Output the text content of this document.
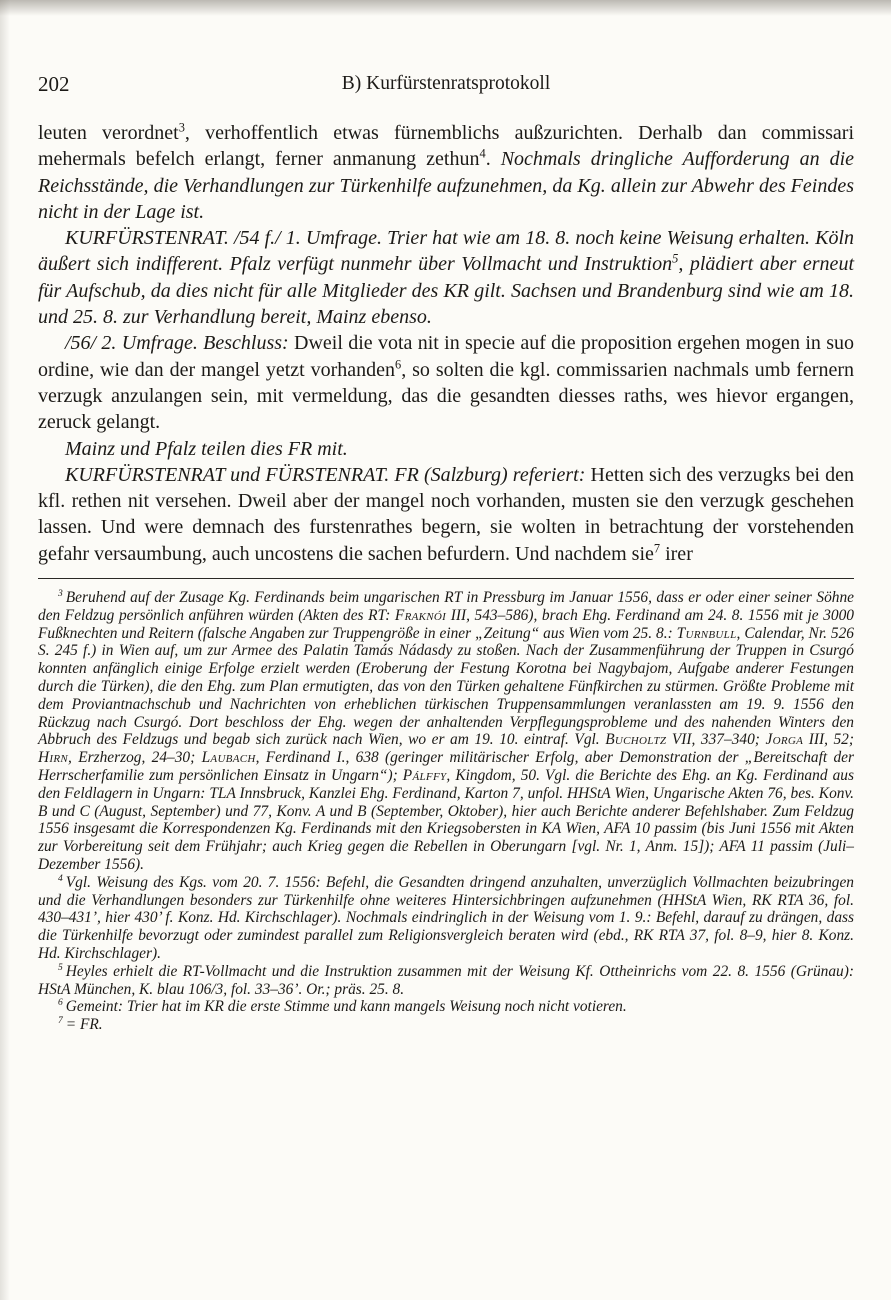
202	B) Kurfürstenratsprotokoll

leuten verordnet$^3$, verhoffentlich etwas fürnemblichs außzurichten. Derhalb dan commissari mehermals befelch erlangt, ferner anmanung zethun$^4$. Nochmals dringliche Aufforderung an die Reichsstände, die Verhandlungen zur Türkenhilfe aufzunehmen, da Kg. allein zur Abwehr des Feindes nicht in der Lage ist.

KURFÜRSTENRAT. /54 f./ 1. Umfrage. Trier hat wie am 18. 8. noch keine Weisung erhalten. Köln äußert sich indifferent. Pfalz verfügt nunmehr über Vollmacht und Instruktion$^5$, plädiert aber erneut für Aufschub, da dies nicht für alle Mitglieder des KR gilt. Sachsen und Brandenburg sind wie am 18. und 25. 8. zur Verhandlung bereit, Mainz ebenso.

/56/ 2. Umfrage. Beschluss: Dweil die vota nit in specie auf die proposition ergehen mogen in suo ordine, wie dan der mangel yetzt vorhanden$^6$, so solten die kgl. commissarien nachmals umb fernern verzugk anzulangen sein, mit vermeldung, das die gesandten diesses raths, wes hievor ergangen, zeruck gelangt.

Mainz und Pfalz teilen dies FR mit.

KURFÜRSTENRAT und FÜRSTENRAT. FR (Salzburg) referiert: Hetten sich des verzugks bei den kfl. rethen nit versehen. Dweil aber der mangel noch vorhanden, musten sie den verzugk geschehen lassen. Und were demnach des furstenrathes begern, sie wolten in betrachtung der vorstehenden gefahr versaumbung, auch uncostens die sachen befurdern. Und nachdem sie$^7$ irer

$^3$ Beruhend auf der Zusage Kg. Ferdinands beim ungarischen RT in Pressburg im Januar 1556, dass er oder einer seiner Söhne den Feldzug persönlich anführen würden (Akten des RT: Fraknói III, 543–586), brach Ehg. Ferdinand am 24. 8. 1556 mit je 3000 Fußknechten und Reitern (falsche Angaben zur Truppengröße in einer „Zeitung“ aus Wien vom 25. 8.: Turnbull, Calendar, Nr. 526 S. 245 f.) in Wien auf, um zur Armee des Palatin Tamás Nádasdy zu stoßen. Nach der Zusammenführung der Truppen in Csurgó konnten anfänglich einige Erfolge erzielt werden (Eroberung der Festung Korotna bei Nagybajom, Aufgabe anderer Festungen durch die Türken), die den Ehg. zum Plan ermutigten, das von den Türken gehaltene Fünfkirchen zu stürmen. Größte Probleme mit dem Proviantnachschub und Nachrichten von erheblichen türkischen Truppensammlungen veranlassten am 19. 9. 1556 den Rückzug nach Csurgó. Dort beschloss der Ehg. wegen der anhaltenden Verpflegungsprobleme und des nahenden Winters den Abbruch des Feldzugs und begab sich zurück nach Wien, wo er am 19. 10. eintraf. Vgl. Bucholtz VII, 337–340; Jorga III, 52; Hirn, Erzherzog, 24–30; Laubach, Ferdinand I., 638 (geringer militärischer Erfolg, aber Demonstration der „Bereitschaft der Herrscherfamilie zum persönlichen Einsatz in Ungarn“); Pálffy, Kingdom, 50. Vgl. die Berichte des Ehg. an Kg. Ferdinand aus den Feldlagern in Ungarn: TLA Innsbruck, Kanzlei Ehg. Ferdinand, Karton 7, unfol. HHStA Wien, Ungarische Akten 76, bes. Konv. B und C (August, September) und 77, Konv. A und B (September, Oktober), hier auch Berichte anderer Befehlshaber. Zum Feldzug 1556 insgesamt die Korrespondenzen Kg. Ferdinands mit den Kriegsobersten in KA Wien, AFA 10 passim (bis Juni 1556 mit Akten zur Vorbereitung seit dem Frühjahr; auch Krieg gegen die Rebellen in Oberungarn [vgl. Nr. 1, Anm. 15]); AFA 11 passim (Juli–Dezember 1556).

$^4$ Vgl. Weisung des Kgs. vom 20. 7. 1556: Befehl, die Gesandten dringend anzuhalten, unverzüglich Vollmachten beizubringen und die Verhandlungen besonders zur Türkenhilfe ohne weiteres Hintersichbringen aufzunehmen (HHStA Wien, RK RTA 36, fol. 430–431’, hier 430’ f. Konz. Hd. Kirchschlager). Nochmals eindringlich in der Weisung vom 1. 9.: Befehl, darauf zu drängen, dass die Türkenhilfe bevorzugt oder zumindest parallel zum Religionsvergleich beraten wird (ebd., RK RTA 37, fol. 8–9, hier 8. Konz. Hd. Kirchschlager).

$^5$ Heyles erhielt die RT-Vollmacht und die Instruktion zusammen mit der Weisung Kf. Ottheinrichs vom 22. 8. 1556 (Grünau): HStA München, K. blau 106/3, fol. 33–36’. Or.; präs. 25. 8.

$^6$ Gemeint: Trier hat im KR die erste Stimme und kann mangels Weisung noch nicht votieren.

$^7$ = FR.
